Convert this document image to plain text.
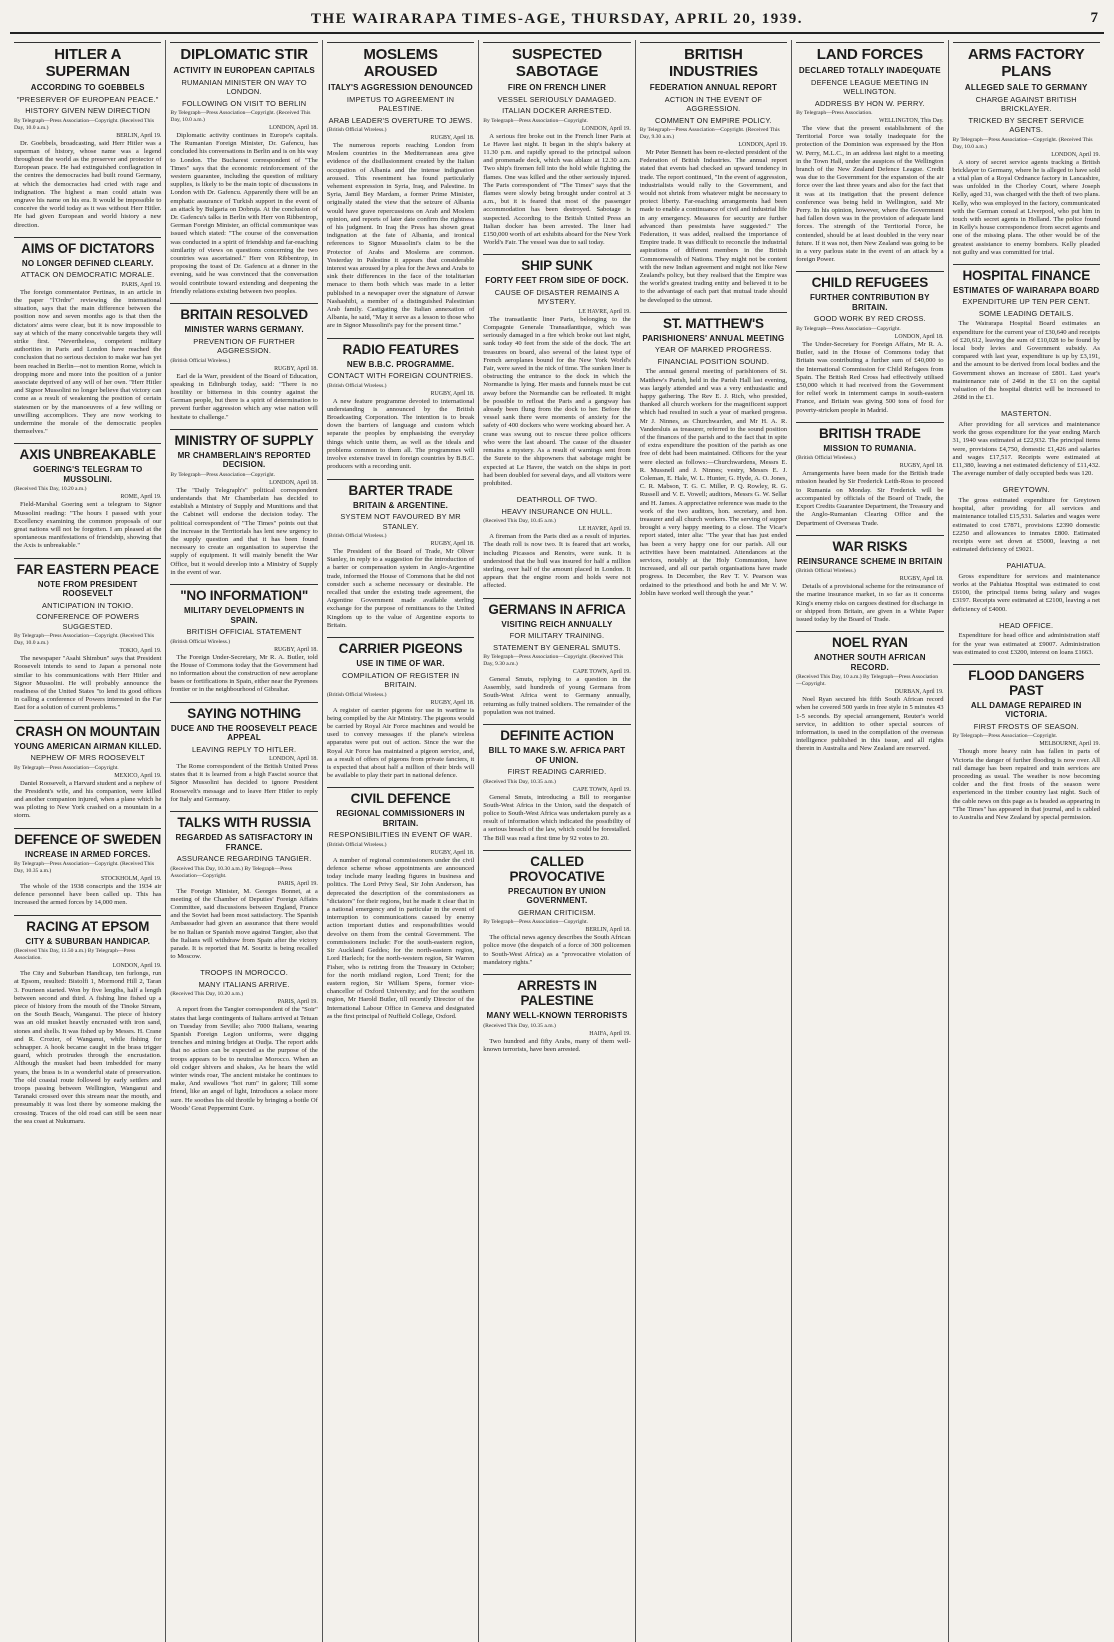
THE WAIRARAPA TIMES-AGE, THURSDAY, APRIL 20, 1939.	7
HITLER A SUPERMAN
ACCORDING TO GOEBBELS
"PRESERVER OF EUROPEAN PEACE."
HISTORY GIVEN NEW DIRECTION
By Telegraph—Press Association—Copyright. (Received This Day, 10.0 a.m.)
BERLIN, April 19.

Dr. Goebbels, broadcasting, said Herr Hitler was a superman of history, whose name was a legend throughout the world as the preserver and protector of European peace. He had extinguished conflagration in the centres the democracies had built round Germany, at which the democracies had cried with rage and indignation. The highest a man could attain was engrave his name on his era. It would be impossible to conceive the world today as it was without Herr Hitler. He had given European and world history a new direction.

AIMS OF DICTATORS
NO LONGER DEFINED CLEARLY.
ATTACK ON DEMOCRATIC MORALE.
PARIS, April 19.

The foreign commentator Pertinax, in an article in the paper "l'Ordre" reviewing the international situation, says that the main difference between the position now and seven months ago is that then the dictators' aims were clear, but it is now impossible to say at which of the many conceivable targets they will strike first. "Nevertheless, competent military authorities in Paris and London have reached the conclusion that no serious decision to make war has yet been reached in Berlin—not to mention Rome, which is dropping more and more into the position of a junior associate deprived of any will of her own. "Herr Hitler and Signor Mussolini no longer believe that victory can come as a result of weakening the position of certain statesmen or by the manoeuvres of a few willing or unwilling accomplices. They are now working to undermine the morale of the democratic peoples themselves."

AXIS UNBREAKABLE
GOERING'S TELEGRAM TO MUSSOLINI.
(Received This Day, 10.20 a.m.)
ROME, April 19.

Field-Marshal Goering sent a telegram to Signor Mussolini reading: "The hours I passed with your Excellency examining the common proposals of our great nations will not be forgotten. I am pleased at the spontaneous manifestations of friendship, showing that the Axis is unbreakable."

FAR EASTERN PEACE
NOTE FROM PRESIDENT ROOSEVELT
ANTICIPATION IN TOKIO.
CONFERENCE OF POWERS SUGGESTED.
By Telegraph—Press Association—Copyright. (Received This Day, 10.0 a.m.)
TOKIO, April 19.

The newspaper "Asahi Shimbun" says that President Roosevelt intends to send to Japan a personal note similar to his communications with Herr Hitler and Signor Mussolini. He will probably announce the readiness of the United States "to lend its good offices in calling a conference of Powers interested in the Far East for a solution of current problems."

CRASH ON MOUNTAIN
YOUNG AMERICAN AIRMAN KILLED.
NEPHEW OF MRS ROOSEVELT
By Telegraph—Press Association—Copyright.
MEXICO, April 19.

Daniel Roosevelt, a Harvard student and a nephew of the President's wife, and his companion, were killed and another companion injured, when a plane which he was piloting to New York crashed on a mountain in a storm.

DEFENCE OF SWEDEN
INCREASE IN ARMED FORCES.
By Telegraph—Press Association—Copyright. (Received This Day, 10.35 a.m.)
STOCKHOLM, April 19.

The whole of the 1938 conscripts and the 1934 air defence personnel have been called up. This has increased the armed forces by 14,000 men.

RACING AT EPSOM
CITY & SUBURBAN HANDICAP.
(Received This Day, 11.50 a.m.) By Telegraph—Press Association.
LONDON, April 19.

The City and Suburban Handicap, ten furlongs, run at Epsom, resulted: Bistolfi 1, Mormond Hill 2, Taran 3. Fourteen started. Won by five lengths, half a length between second and third. A fishing line fished up a piece of history from the mouth of the Tinoke Stream, on the South Beach, Wanganui. The piece of history was an old musket heavily encrusted with iron sand, stones and shells. It was fished up by Messrs. H. Crane and R. Crozier, of Wanganui, while fishing for schnapper. A hook became caught in the brass trigger guard, which protrudes through the encrustation. Although the musket had been imbedded for many years, the brass is in a wonderful state of preservation. The old coastal route followed by early settlers and troops passing between Wellington, Wanganui and Taranaki crossed over this stream near the mouth, and presumably it was lost there by someone making the crossing. Traces of the old road can still be seen near the sea coast at Nukumaru.

DIPLOMATIC STIR
ACTIVITY IN EUROPEAN CAPITALS
RUMANIAN MINISTER ON WAY TO LONDON.
FOLLOWING ON VISIT TO BERLIN
By Telegraph—Press Association—Copyright. (Received This Day, 10.0 a.m.)
LONDON, April 18.

Diplomatic activity continues in Europe's capitals. The Rumanian Foreign Minister, Dr. Gafencu, has concluded his conversations in Berlin and is on his way to London. The Bucharest correspondent of "The Times" says that the economic reinforcement of the western guarantee, including the question of military supplies, is likely to be the main topic of discussions in London with Dr. Gafencu. Apparently there will be an emphatic assurance of Turkish support in the event of an attack by Bulgaria on Dobruja. At the conclusion of Dr. Gafencu's talks in Berlin with Herr von Ribbentrop, German Foreign Minister, an official communique was issued which stated: "The course of the conversation was conducted in a spirit of friendship and far-reaching similarity of views on questions concerning the two countries was ascertained." Herr von Ribbentrop, in proposing the toast of Dr. Gafencu at a dinner in the evening, said he was convinced that the conversation would contribute toward extending and deepening the friendly relations existing between two peoples.

BRITAIN RESOLVED
MINISTER WARNS GERMANY.
PREVENTION OF FURTHER AGGRESSION.
(British Official Wireless.)
RUGBY, April 18.

Earl de la Warr, president of the Board of Education, speaking in Edinburgh today, said: "There is no hostility or bitterness in this country against the German people, but there is a spirit of determination to prevent further aggression which any wise nation will hesitate to challenge."

MINISTRY OF SUPPLY
MR CHAMBERLAIN'S REPORTED DECISION.
By Telegraph—Press Association—Copyright.
LONDON, April 18.

The "Daily Telegraph's" political correspondent understands that Mr Chamberlain has decided to establish a Ministry of Supply and Munitions and that the Cabinet will endorse the decision today. The political correspondent of "The Times" points out that the increase in the Territorials has lent new urgency to the supply question and that it has been found necessary to create an organisation to supervise the supply of equipment. It will mainly benefit the War Office, but it would develop into a Ministry of Supply in the event of war.

"NO INFORMATION"
MILITARY DEVELOPMENTS IN SPAIN.
BRITISH OFFICIAL STATEMENT
(British Official Wireless.)
RUGBY, April 18.

The Foreign Under-Secretary, Mr R. A. Butler, told the House of Commons today that the Government had no information about the construction of new aeroplane bases or fortifications in Spain, either near the Pyrenees frontier or in the neighbourhood of Gibraltar.

SAYING NOTHING
DUCE AND THE ROOSEVELT PEACE APPEAL
LEAVING REPLY TO HITLER.
LONDON, April 18.

The Rome correspondent of the British United Press states that it is learned from a high Fascist source that Signor Mussolini has decided to ignore President Roosevelt's message and to leave Herr Hitler to reply for Italy and Germany.

TALKS WITH RUSSIA
REGARDED AS SATISFACTORY IN FRANCE.
ASSURANCE REGARDING TANGIER.
(Received This Day, 10.30 a.m.) By Telegraph—Press Association—Copyright.
PARIS, April 19.

The Foreign Minister, M. Georges Bonnet, at a meeting of the Chamber of Deputies' Foreign Affairs Committee, said discussions between England, France and the Soviet had been most satisfactory. The Spanish Ambassador had given an assurance that there would be no Italian or Spanish move against Tangier, also that the Italians will withdraw from Spain after the victory parade. It is reported that M. Souritz is being recalled to Moscow.

TROOPS IN MOROCCO.
MANY ITALIANS ARRIVE.
(Received This Day, 10.20 a.m.)
PARIS, April 19.

A report from the Tangier correspondent of the "Soir" states that large contingents of Italians arrived at Tetuan on Tuesday from Seville; also 7000 Italians, wearing Spanish Foreign Legion uniforms, were digging trenches and mining bridges at Oudja. The report adds that no action can be expected as the purpose of the troops appears to be to neutralise Morocco. When an old codger shivers and shakes, As he hears the wild winter winds roar, The ancient mistake he continues to make, And swallows "hot rum" in galore; Till some friend, like an angel of light, Introduces a solace more sure. He soothes his old throttle by bringing a bottle Of Woods' Great Peppermint Cure.

MOSLEMS AROUSED
ITALY'S AGGRESSION DENOUNCED
IMPETUS TO AGREEMENT IN PALESTINE.
ARAB LEADER'S OVERTURE TO JEWS.
(British Official Wireless.)
RUGBY, April 18.

The numerous reports reaching London from Moslem countries in the Mediterranean area give evidence of the disillusionment created by the Italian occupation of Albania and the intense indignation aroused. This resentment has found particularly vehement expression in Syria, Iraq, and Palestine. In Syria, Jamil Bey Mardam, a former Prime Minister, originally stated the view that the seizure of Albania would have grave repercussions on Arab and Moslem opinion, and reports of later date confirm the rightness of his judgment. In Iraq the Press has shown great indignation at the fate of Albania, and ironical references to Signor Mussolini's claim to be the Protector of Arabs and Moslems are common. Yesterday in Palestine it appears that considerable interest was aroused by a plea for the Jews and Arabs to sink their differences in the face of the totalitarian menace to them both which was made in a letter published in a newspaper over the signature of Anwar Nashashibi, a member of a distinguished Palestinian Arab family. Castigating the Italian annexation of Albania, he said, "May it serve as a lesson to those who are in Signor Mussolini's pay for the present time."

RADIO FEATURES
NEW B.B.C. PROGRAMME.
CONTACT WITH FOREIGN COUNTRIES.
(British Official Wireless.)
RUGBY, April 18.

A new feature programme devoted to international understanding is announced by the British Broadcasting Corporation. The intention is to break down the barriers of language and custom which separate the peoples by emphasising the everyday things which unite them, as well as the ideals and problems common to them all. The programmes will involve extensive travel in foreign countries by B.B.C. producers with a recording unit.

BARTER TRADE
BRITAIN & ARGENTINE.
SYSTEM NOT FAVOURED BY MR STANLEY.
(British Official Wireless.)
RUGBY, April 18.

The President of the Board of Trade, Mr Oliver Stanley, in reply to a suggestion for the introduction of a barter or compensation system in Anglo-Argentine trade, informed the House of Commons that he did not consider such a scheme necessary or desirable. He recalled that under the existing trade agreement, the Argentine Government made available sterling exchange for the purpose of remittances to the United Kingdom up to the value of Argentine exports to Britain.

CARRIER PIGEONS
USE IN TIME OF WAR.
COMPILATION OF REGISTER IN BRITAIN.
(British Official Wireless.)
RUGBY, April 18.

A register of carrier pigeons for use in wartime is being compiled by the Air Ministry. The pigeons would be carried by Royal Air Force machines and would be used to convey messages if the plane's wireless apparatus were put out of action. Since the war the Royal Air Force has maintained a pigeon service, and, as a result of offers of pigeons from private fanciers, it is expected that about half a million of their birds will be available to play their part in national defence.

CIVIL DEFENCE
REGIONAL COMMISSIONERS IN BRITAIN.
RESPONSIBILITIES IN EVENT OF WAR.
(British Official Wireless.)
RUGBY, April 18.

A number of regional commissioners under the civil defence scheme whose appointments are announced today include many leading figures in business and politics. The Lord Privy Seal, Sir John Anderson, has deprecated the description of the commissioners as "dictators" for their regions, but he made it clear that in a national emergency and in particular in the event of interruption to communications caused by enemy action important duties and responsibilities would devolve on them from the central Government. The commissioners include: For the south-eastern region, Sir Auckland Geddes; for the north-eastern region, Lord Harlech; for the north-western region, Sir Warren Fisher, who is retiring from the Treasury in October; for the north midland region, Lord Trent; for the eastern region, Sir William Spens, former vice-chancellor of Oxford University; and for the southern region, Mr Harold Butler, till recently Director of the International Labour Office in Geneva and designated as the first principal of Nuffield College, Oxford.

SUSPECTED SABOTAGE
FIRE ON FRENCH LINER
VESSEL SERIOUSLY DAMAGED.
ITALIAN DOCKER ARRESTED.
By Telegraph—Press Association—Copyright.
LONDON, April 19.

A serious fire broke out in the French liner Paris at Le Havre last night. It began in the ship's bakery at 11.30 p.m. and rapidly spread to the principal saloon and promenade deck, which was ablaze at 12.30 a.m. Two ship's firemen fell into the hold while fighting the flames. One was killed and the other seriously injured. The Paris correspondent of "The Times" says that the flames were slowly being brought under control at 3 a.m., but it is feared that most of the passenger accommodation has been destroyed. Sabotage is suspected. According to the British United Press an Italian docker has been arrested. The liner had £150,000 worth of art exhibits aboard for the New York World's Fair. The vessel was due to sail today.

SHIP SUNK
FORTY FEET FROM SIDE OF DOCK.
CAUSE OF DISASTER REMAINS A MYSTERY.
LE HAVRE, April 19.

The transatlantic liner Paris, belonging to the Compagnie Generale Transatlantique, which was seriously damaged in a fire which broke out last night, sank today 40 feet from the side of the dock. The art treasures on board, also several of the latest type of French aeroplanes bound for the New York World's Fair, were saved in the nick of time. The sunken liner is obstructing the entrance to the dock in which the Normandie is lying. Her masts and funnels must be cut away before the Normandie can be refloated. It might be possible to refloat the Paris and a gangway has already been flung from the dock to her. Before the vessel sank there were moments of anxiety for the safety of 400 dockers who were working aboard her. A crane was swung out to rescue three police officers who were the last aboard. The cause of the disaster remains a mystery. As a result of warnings sent from the Surete to the shipowners that sabotage might be expected at Le Havre, the watch on the ships in port had been doubled for several days, and all visitors were prohibited.

DEATHROLL OF TWO.
HEAVY INSURANCE ON HULL.
(Received This Day, 10.45 a.m.)
LE HAVRE, April 19.

A fireman from the Paris died as a result of injuries. The death roll is now two. It is feared that art works, including Picassos and Renoirs, were sunk. It is understood that the hull was insured for half a million sterling, over half of the amount placed in London. It appears that the engine room and holds were not affected.

GERMANS IN AFRICA
VISITING REICH ANNUALLY
FOR MILITARY TRAINING.
STATEMENT BY GENERAL SMUTS.
By Telegraph—Press Association—Copyright. (Received This Day, 9.30 a.m.)
CAPE TOWN, April 19.

General Smuts, replying to a question in the Assembly, said hundreds of young Germans from South-West Africa went to Germany annually, returning as fully trained soldiers. The remainder of the population was not trained.

DEFINITE ACTION
BILL TO MAKE S.W. AFRICA PART OF UNION.
FIRST READING CARRIED.
(Received This Day, 10.35 a.m.)
CAPE TOWN, April 19.

General Smuts, introducing a Bill to reorganise South-West Africa in the Union, said the despatch of police to South-West Africa was undertaken purely as a result of information which indicated the possibility of a serious breach of the law, which could be forestalled. The Bill was read a first time by 92 votes to 20.

CALLED PROVOCATIVE
PRECAUTION BY UNION GOVERNMENT.
GERMAN CRITICISM.
By Telegraph—Press Association—Copyright.
BERLIN, April 18.

The official news agency describes the South African police move (the despatch of a force of 300 policemen to South-West Africa) as a "provocative violation of mandatory rights."

ARRESTS IN PALESTINE
MANY WELL-KNOWN TERRORISTS
(Received This Day, 10.35 a.m.)
HAIFA, April 19.

Two hundred and fifty Arabs, many of them well-known terrorists, have been arrested.

BRITISH INDUSTRIES
FEDERATION ANNUAL REPORT
ACTION IN THE EVENT OF AGGRESSION.
COMMENT ON EMPIRE POLICY.
By Telegraph—Press Association—Copyright. (Received This Day, 9.30 a.m.)
LONDON, April 19.

Mr Peter Bennett has been re-elected president of the Federation of British Industries. The annual report stated that events had checked an upward tendency in trade. The report continued, "In the event of aggression, industrialists would rally to the Government, and would not shrink from whatever might be necessary to protect liberty. Far-reaching arrangements had been made to enable a continuance of civil and industrial life in any emergency. Measures for security are further advanced than pessimists have suggested." The Federation, it was added, realised the importance of Empire trade. It was difficult to reconcile the industrial aspirations of different members in the British Commonwealth of Nations. They might not be content with the new Indian agreement and might not like New Zealand's policy, but they realised that the Empire was the world's greatest trading entity and believed it to be to the advantage of each part that mutual trade should be developed to the utmost.

ST. MATTHEW'S
PARISHIONERS' ANNUAL MEETING
YEAR OF MARKED PROGRESS.
FINANCIAL POSITION SOUND.

The annual general meeting of parishioners of St. Matthew's Parish, held in the Parish Hall last evening, was largely attended and was a very enthusiastic and happy gathering. The Rev E. J. Rich, who presided, thanked all church workers for the magnificent support which had resulted in such a year of marked progress. Mr J. Ninnes, as Churchwarden, and Mr H. A. R. Vandersluis as treasurer, referred to the sound position of the finances of the parish and to the fact that in spite of extra expenditure the position of the parish as one free of debt had been maintained. Officers for the year were elected as follows:—Churchwardens, Messrs E. R. Mussnell and J. Ninnes; vestry, Messrs E. J. Coleman, E. Hale, W. L. Hunter, G. Hyde, A. O. Jones, C. R. Mabson, T. G. C. Miller, P. Q. Rowley, R. G. Russell and V. E. Vowell; auditors, Messrs G. W. Sellar and H. James. A appreciative reference was made to the work of the two auditors, hon. secretary, and hon. treasurer and all church workers. The serving of supper brought a very happy meeting to a close. The Vicar's report stated, inter alia: "The year that has just ended has been a very happy one for our parish. All our activities have been maintained. Attendances at the services, notably at the Holy Communion, have increased, and all our parish organisations have made progress. In December, the Rev T. V. Pearson was ordained to the priesthood and both he and Mr V. W. Joblin have worked well through the year."

LAND FORCES
DECLARED TOTALLY INADEQUATE
DEFENCE LEAGUE MEETING IN WELLINGTON.
ADDRESS BY HON W. PERRY.
By Telegraph—Press Association.
WELLINGTON, This Day.

The view that the present establishment of the Territorial Force was totally inadequate for the protection of the Dominion was expressed by the Hon W. Perry, M.L.C., in an address last night to a meeting in the Town Hall, under the auspices of the Wellington branch of the New Zealand Defence League. Credit was due to the Government for the expansion of the air force over the last three years and also for the fact that it was at its instigation that the present defence conference was being held in Wellington, said Mr Perry. In his opinion, however, where the Government had fallen down was in the provision of adequate land forces. The strength of the Territorial Force, he contended, should be at least doubled in the very near future. If it was not, then New Zealand was going to be in a very parlous state in the event of an attack by a foreign Power.

CHILD REFUGEES
FURTHER CONTRIBUTION BY BRITAIN.
GOOD WORK BY RED CROSS.
By Telegraph—Press Association—Copyright.
LONDON, April 18.

The Under-Secretary for Foreign Affairs, Mr R. A. Butler, said in the House of Commons today that Britain was contributing a further sum of £40,000 to the International Commission for Child Refugees from Spain. The British Red Cross had effectively utilised £50,000 which it had received from the Government for relief work in internment camps in south-eastern France, and Britain was giving 500 tons of food for poverty-stricken people in Madrid.

BRITISH TRADE
MISSION TO RUMANIA.
(British Official Wireless.)
RUGBY, April 18.

Arrangements have been made for the British trade mission headed by Sir Frederick Leith-Ross to proceed to Rumania on Monday. Sir Frederick will be accompanied by officials of the Board of Trade, the Export Credits Guarantee Department, the Treasury and the Anglo-Rumanian Clearing Office and the Department of Overseas Trade.

WAR RISKS
REINSURANCE SCHEME IN BRITAIN
(British Official Wireless.)
RUGBY, April 18.

Details of a provisional scheme for the reinsurance of the marine insurance market, in so far as it concerns King's enemy risks on cargoes destined for discharge in or shipped from Britain, are given in a White Paper issued today by the Board of Trade.

NOEL RYAN
ANOTHER SOUTH AFRICAN RECORD.
(Received This Day, 10 a.m.) By Telegraph—Press Association—Copyright.
DURBAN, April 19.

Noel Ryan secured his fifth South African record when he covered 500 yards in free style in 5 minutes 43 1-5 seconds. By special arrangement, Reuter's world service, in addition to other special sources of information, is used in the compilation of the overseas intelligence published in this issue, and all rights therein in Australia and New Zealand are reserved.

ARMS FACTORY PLANS
ALLEGED SALE TO GERMANY
CHARGE AGAINST BRITISH BRICKLAYER.
TRICKED BY SECRET SERVICE AGENTS.
By Telegraph—Press Association—Copyright. (Received This Day, 10.0 a.m.)
LONDON, April 19.

A story of secret service agents tracking a British bricklayer to Germany, where he is alleged to have sold a vital plan of a Royal Ordnance factory in Lancashire, was unfolded in the Chorley Court, where Joseph Kelly, aged 31, was charged with the theft of two plans. Kelly, who was employed in the factory, communicated with the German consul at Liverpool, who put him in touch with secret agents in Holland. The police found in Kelly's house correspondence from secret agents and one of the missing plans. The other would be of the greatest assistance to enemy bombers. Kelly pleaded not guilty and was committed for trial.

HOSPITAL FINANCE
ESTIMATES OF WAIRARAPA BOARD
EXPENDITURE UP TEN PER CENT.
SOME LEADING DETAILS.

The Wairarapa Hospital Board estimates an expenditure for the current year of £30,640 and receipts of £20,612, leaving the sum of £10,028 to be found by local body levies and Government subsidy. As compared with last year, expenditure is up by £3,191, and the amount to be derived from local bodies and the Government shows an increase of £801. Last year's maintenance rate of 246d in the £1 on the capital valuation of the hospital district will be increased to .268d in the £1.

MASTERTON.

After providing for all services and maintenance work the gross expenditure for the year ending March 31, 1940 was estimated at £22,932. The principal items were, provisions £4,750, domestic £1,426 and salaries and wages £17,517. Receipts were estimated at £11,380, leaving a net estimated deficiency of £11,432. The average number of daily occupied beds was 120.

GREYTOWN.

The gross estimated expenditure for Greytown hospital, after providing for all services and maintenance totalled £15,531. Salaries and wages were estimated to cost £7871, provisions £2390 domestic £2250 and allowances to inmates £800. Estimated receipts were set down at £5000, leaving a net estimated deficiency of £9021.

PAHIATUA.

Gross expenditure for services and maintenance works at the Pahiatua Hospital was estimated to cost £6100, the principal items being salary and wages £3197. Receipts were estimated at £2100, leaving a net deficiency of £4000.

HEAD OFFICE.

Expenditure for head office and administration staff for the year was estimated at £9007. Administration was estimated to cost £3200, interest on loans £1663.

FLOOD DANGERS PAST
ALL DAMAGE REPAIRED IN VICTORIA.
FIRST FROSTS OF SEASON.
By Telegraph—Press Association—Copyright.
MELBOURNE, April 19.

Though more heavy rain has fallen in parts of Victoria the danger of further flooding is now over. All rail damage has been repaired and train services are proceeding as usual. The weather is now becoming colder and the first frosts of the season were experienced in the timber country last night. Such of the cable news on this page as is headed as appearing in "The Times" has appeared in that journal, and is cabled to Australia and New Zealand by special permission.
